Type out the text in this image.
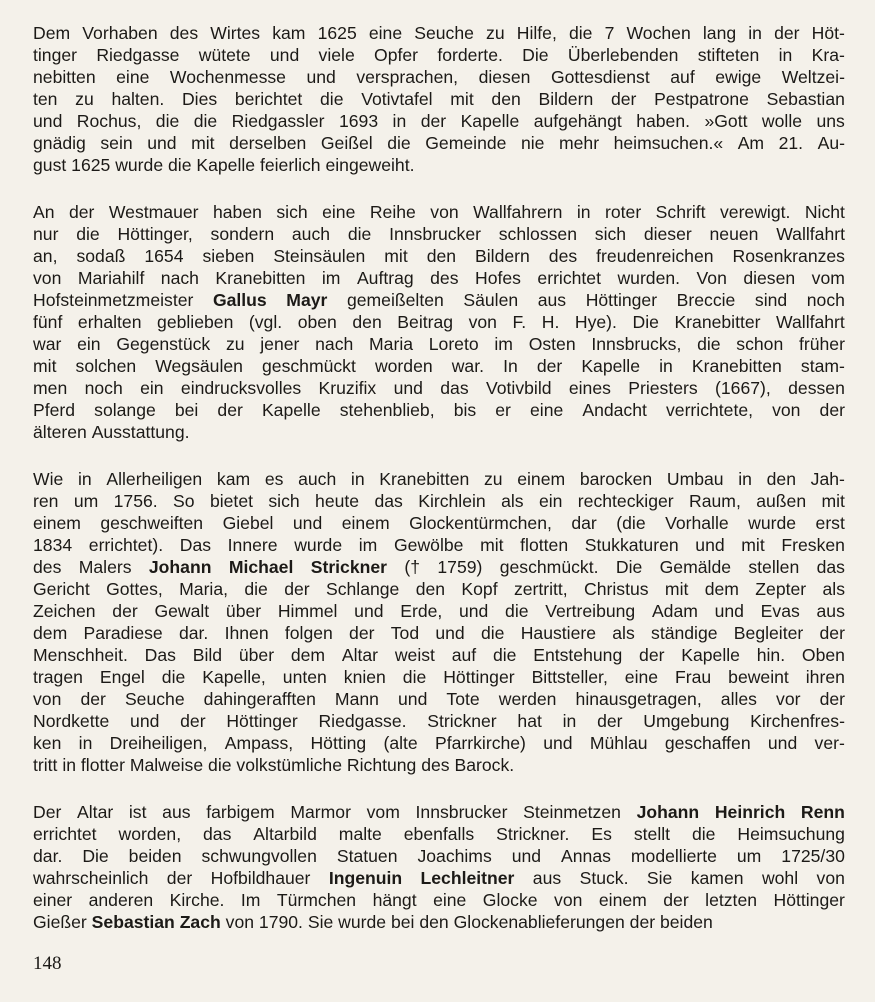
Dem Vorhaben des Wirtes kam 1625 eine Seuche zu Hilfe, die 7 Wochen lang in der Höt-
tinger Riedgasse wütete und viele Opfer forderte. Die Überlebenden stifteten in Kra-
nebitten eine Wochenmesse und versprachen, diesen Gottesdienst auf ewige Weltzei-
ten zu halten. Dies berichtet die Votivtafel mit den Bildern der Pestpatrone Sebastian
und Rochus, die die Riedgassler 1693 in der Kapelle aufgehängt haben. »Gott wolle uns
gnädig sein und mit derselben Geißel die Gemeinde nie mehr heimsuchen.« Am 21. Au-
gust 1625 wurde die Kapelle feierlich eingeweiht.
An der Westmauer haben sich eine Reihe von Wallfahrern in roter Schrift verewigt. Nicht
nur die Höttinger, sondern auch die Innsbrucker schlossen sich dieser neuen Wallfahrt
an, sodaß 1654 sieben Steinsäulen mit den Bildern des freudenreichen Rosenkranzes
von Mariahilf nach Kranebitten im Auftrag des Hofes errichtet wurden. Von diesen vom
Hofsteinmetzmeister Gallus Mayr gemeißelten Säulen aus Höttinger Breccie sind noch
fünf erhalten geblieben (vgl. oben den Beitrag von F. H. Hye). Die Kranebitter Wallfahrt
war ein Gegenstück zu jener nach Maria Loreto im Osten Innsbrucks, die schon früher
mit solchen Wegsäulen geschmückt worden war. In der Kapelle in Kranebitten stam-
men noch ein eindrucksvolles Kruzifix und das Votivbild eines Priesters (1667), dessen
Pferd solange bei der Kapelle stehenblieb, bis er eine Andacht verrichtete, von der
älteren Ausstattung.
Wie in Allerheiligen kam es auch in Kranebitten zu einem barocken Umbau in den Jah-
ren um 1756. So bietet sich heute das Kirchlein als ein rechteckiger Raum, außen mit
einem geschweiften Giebel und einem Glockentürmchen, dar (die Vorhalle wurde erst
1834 errichtet). Das Innere wurde im Gewölbe mit flotten Stukkaturen und mit Fresken
des Malers Johann Michael Strickner († 1759) geschmückt. Die Gemälde stellen das
Gericht Gottes, Maria, die der Schlange den Kopf zertritt, Christus mit dem Zepter als
Zeichen der Gewalt über Himmel und Erde, und die Vertreibung Adam und Evas aus
dem Paradiese dar. Ihnen folgen der Tod und die Haustiere als ständige Begleiter der
Menschheit. Das Bild über dem Altar weist auf die Entstehung der Kapelle hin. Oben
tragen Engel die Kapelle, unten knien die Höttinger Bittsteller, eine Frau beweint ihren
von der Seuche dahingerafften Mann und Tote werden hinausgetragen, alles vor der
Nordkette und der Höttinger Riedgasse. Strickner hat in der Umgebung Kirchenfres-
ken in Dreiheiligen, Ampass, Hötting (alte Pfarrkirche) und Mühlau geschaffen und ver-
tritt in flotter Malweise die volkstümliche Richtung des Barock.
Der Altar ist aus farbigem Marmor vom Innsbrucker Steinmetzen Johann Heinrich Renn
errichtet worden, das Altarbild malte ebenfalls Strickner. Es stellt die Heimsuchung
dar. Die beiden schwungvollen Statuen Joachims und Annas modellierte um 1725/30
wahrscheinlich der Hofbildhauer Ingenuin Lechleitner aus Stuck. Sie kamen wohl von
einer anderen Kirche. Im Türmchen hängt eine Glocke von einem der letzten Höttinger
Gießer Sebastian Zach von 1790. Sie wurde bei den Glockenablieferungen der beiden
148
